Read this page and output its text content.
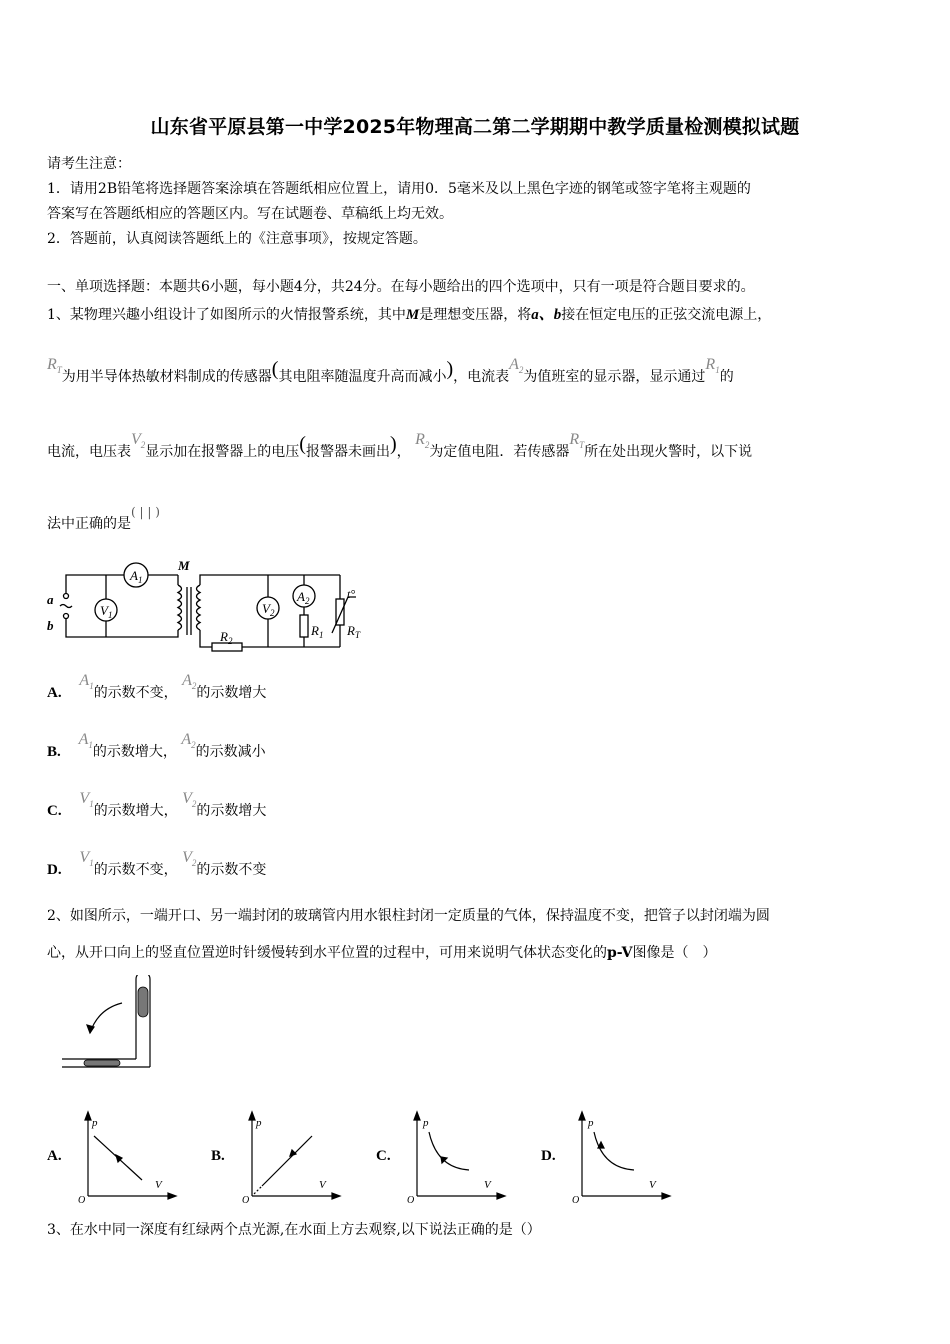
山东省平原县第一中学2025年物理高二第二学期期中教学质量检测模拟试题
请考生注意：
1．请用2B铅笔将选择题答案涂填在答题纸相应位置上，请用0．5毫米及以上黑色字迹的钢笔或签字笔将主观题的
答案写在答题纸相应的答题区内。写在试题卷、草稿纸上均无效。
2．答题前，认真阅读答题纸上的《注意事项》，按规定答题。
一、单项选择题：本题共6小题，每小题4分，共24分。在每小题给出的四个选项中，只有一项是符合题目要求的。
1、某物理兴趣小组设计了如图所示的火情报警系统，其中M是理想变压器，将a、b接在恒定电压的正弦交流电源上，
$R_T$为用半导体热敏材料制成的传感器(其电阻率随温度升高而减小)，电流表$A_2$为值班室的显示器，显示通过$R_1$的
电流，电压表$V_2$显示加在报警器上的电压(报警器未画出)， $R_2$为定值电阻．若传感器$R_T$所在处出现火警时，以下说
法中正确的是( | | )
$A_1$
M
$V_1$
a
b
$V_2$
$A_2$	t°
$R_1$ $R_T$
$R_2$
A.    $A_1$的示数不变， $A_2$的示数增大
B.    $A_1$的示数增大， $A_2$的示数减小
C.    $V_1$的示数增大， $V_2$的示数增大
D.    $V_1$的示数不变， $V_2$的示数不变
2、如图所示，一端开口、另一端封闭的玻璃管内用水银柱封闭一定质量的气体，保持温度不变，把管子以封闭端为圆
心，从开口向上的竖直位置逆时针缓慢转到水平位置的过程中，可用来说明气体状态变化的p-V图像是（　）
A.
p
V
O
B.
p
V
O
C.
p
V
O
D.
p
V
O
3、在水中同一深度有红绿两个点光源,在水面上方去观察,以下说法正确的是（）
